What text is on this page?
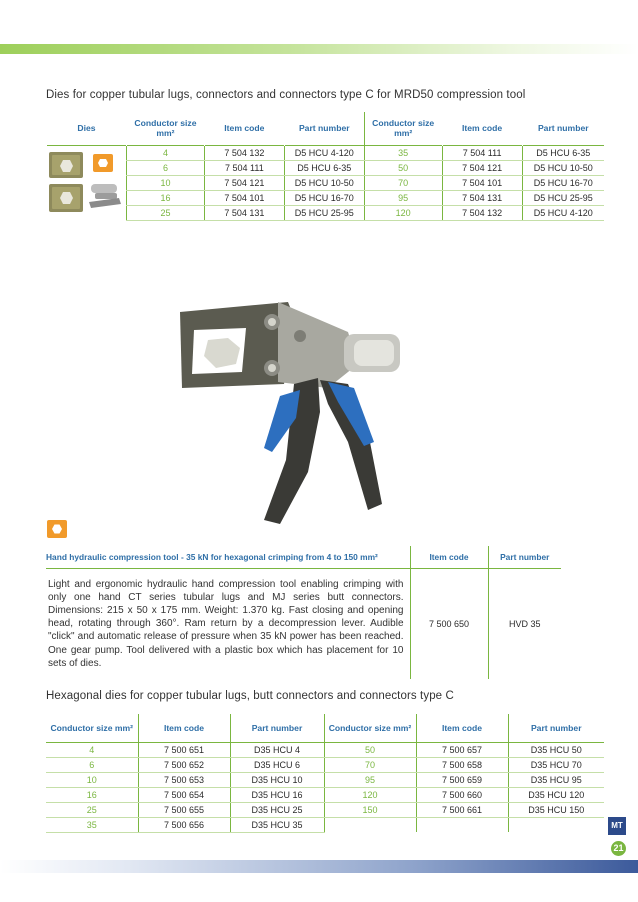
Dies for copper tubular lugs, connectors and connectors type C for MRD50 compression tool
Dies	Conductor size mm²	Item code	Part number	Conductor size mm²	Item code	Part number
	4	7 504 132	D5 HCU 4-120	35	7 504 111	D5 HCU 6-35
	6	7 504 111	D5 HCU 6-35	50	7 504 121	D5 HCU 10-50
	10	7 504 121	D5 HCU 10-50	70	7 504 101	D5 HCU 16-70
	16	7 504 101	D5 HCU 16-70	95	7 504 131	D5 HCU 25-95
	25	7 504 131	D5 HCU 25-95	120	7 504 132	D5 HCU 4-120
Hand hydraulic compression tool - 35 kN for hexagonal crimping from 4 to 150 mm²	Item code	Part number
Light and ergonomic hydraulic hand compression tool enabling crimping with only one hand CT series tubular lugs and MJ series butt connectors. Dimensions: 215 x 50 x 175 mm. Weight: 1.370 kg. Fast closing and opening head, rotating through 360°. Ram return by a decompression lever. Audible "click" and automatic release of pressure when 35 kN power has been reached. One gear pump. Tool delivered with a plastic box which has placement for 10 sets of dies.	7 500 650	HVD 35
Hexagonal dies for copper tubular lugs, butt connectors and connectors type C
Conductor size mm²	Item code	Part number	Conductor size mm²	Item code	Part number
4	7 500 651	D35 HCU 4	50	7 500 657	D35 HCU 50
6	7 500 652	D35 HCU 6	70	7 500 658	D35 HCU 70
10	7 500 653	D35 HCU 10	95	7 500 659	D35 HCU 95
16	7 500 654	D35 HCU 16	120	7 500 660	D35 HCU 120
25	7 500 655	D35 HCU 25	150	7 500 661	D35 HCU 150
35	7 500 656	D35 HCU 35				MT
21
